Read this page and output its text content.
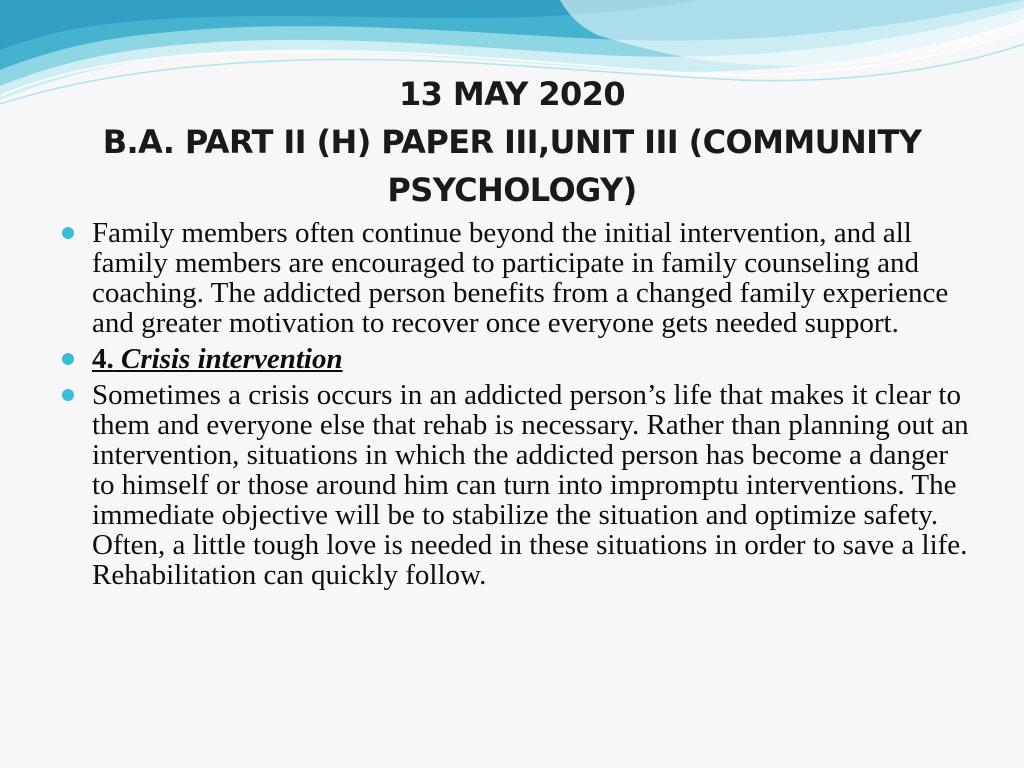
13 MAY 2020
B.A. PART II (H) PAPER III,UNIT III (COMMUNITY
PSYCHOLOGY)
Family members often continue beyond the initial intervention, and all family members are encouraged to participate in family counseling and coaching. The addicted person benefits from a changed family experience and greater motivation to recover once everyone gets needed support.
4. Crisis intervention
Sometimes a crisis occurs in an addicted person’s life that makes it clear to them and everyone else that rehab is necessary. Rather than planning out an intervention, situations in which the addicted person has become a danger to himself or those around him can turn into impromptu interventions. The immediate objective will be to stabilize the situation and optimize safety. Often, a little tough love is needed in these situations in order to save a life. Rehabilitation can quickly follow.
